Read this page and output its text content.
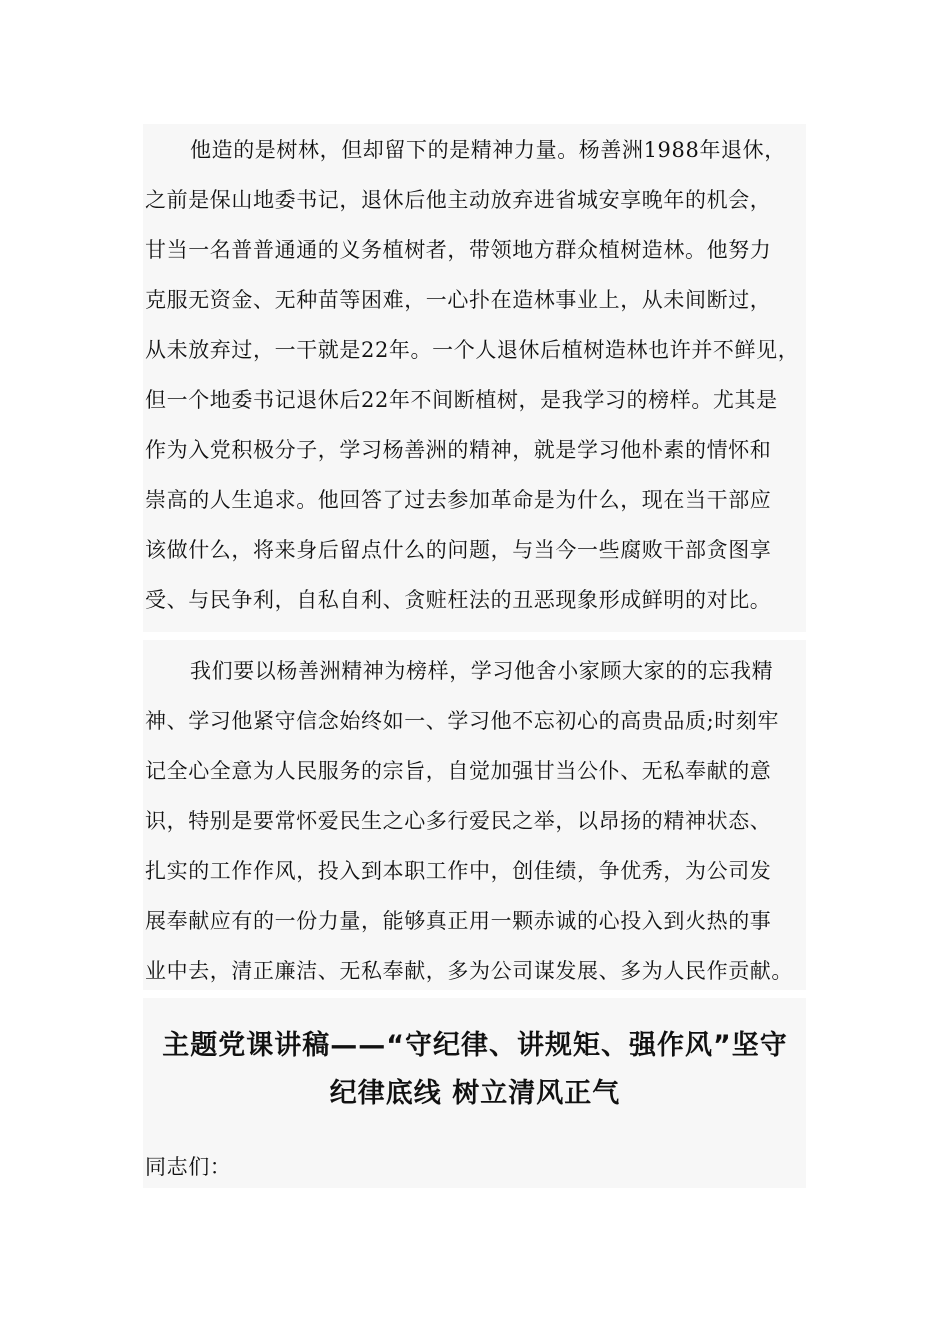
他造的是树林，但却留下的是精神力量。杨善洲1988年退休，
之前是保山地委书记，退休后他主动放弃进省城安享晚年的机会，
甘当一名普普通通的义务植树者，带领地方群众植树造林。他努力
克服无资金、无种苗等困难，一心扑在造林事业上，从未间断过，
从未放弃过，一干就是22年。一个人退休后植树造林也许并不鲜见，
但一个地委书记退休后22年不间断植树，是我学习的榜样。尤其是
作为入党积极分子，学习杨善洲的精神，就是学习他朴素的情怀和
崇高的人生追求。他回答了过去参加革命是为什么，现在当干部应
该做什么，将来身后留点什么的问题，与当今一些腐败干部贪图享
受、与民争利，自私自利、贪赃枉法的丑恶现象形成鲜明的对比。
我们要以杨善洲精神为榜样，学习他舍小家顾大家的的忘我精
神、学习他紧守信念始终如一、学习他不忘初心的高贵品质;时刻牢
记全心全意为人民服务的宗旨，自觉加强甘当公仆、无私奉献的意
识，特别是要常怀爱民生之心多行爱民之举，以昂扬的精神状态、
扎实的工作作风，投入到本职工作中，创佳绩，争优秀，为公司发
展奉献应有的一份力量，能够真正用一颗赤诚的心投入到火热的事
业中去，清正廉洁、无私奉献，多为公司谋发展、多为人民作贡献。
主题党课讲稿——“守纪律、讲规矩、强作风”坚守
纪律底线 树立清风正气
同志们：
